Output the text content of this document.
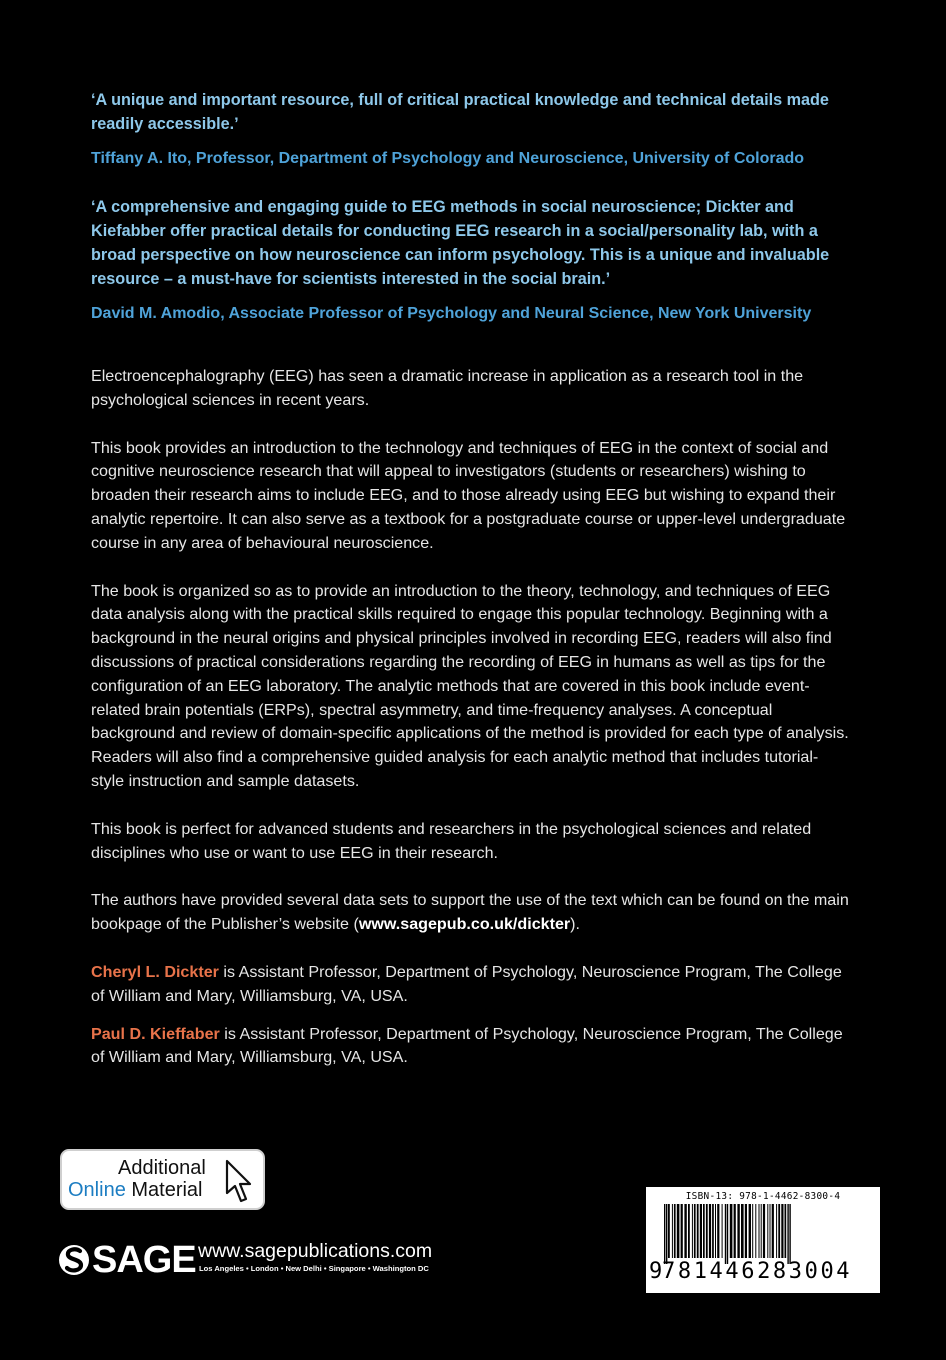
‘A unique and important resource, full of critical practical knowledge and technical details made readily accessible.’

Tiffany A. Ito, Professor, Department of Psychology and Neuroscience, University of Colorado

‘A comprehensive and engaging guide to EEG methods in social neuroscience; Dickter and Kiefabber offer practical details for conducting EEG research in a social/personality lab, with a broad perspective on how neuroscience can inform psychology. This is a unique and invaluable resource – a must-have for scientists interested in the social brain.’

David M. Amodio, Associate Professor of Psychology and Neural Science, New York University

Electroencephalography (EEG) has seen a dramatic increase in application as a research tool in the psychological sciences in recent years.

This book provides an introduction to the technology and techniques of EEG in the context of social and cognitive neuroscience research that will appeal to investigators (students or researchers) wishing to broaden their research aims to include EEG, and to those already using EEG but wishing to expand their analytic repertoire. It can also serve as a textbook for a postgraduate course or upper-level undergraduate course in any area of behavioural neuroscience.

The book is organized so as to provide an introduction to the theory, technology, and techniques of EEG data analysis along with the practical skills required to engage this popular technology. Beginning with a background in the neural origins and physical principles involved in recording EEG, readers will also find discussions of practical considerations regarding the recording of EEG in humans as well as tips for the configuration of an EEG laboratory. The analytic methods that are covered in this book include event-related brain potentials (ERPs), spectral asymmetry, and time-frequency analyses. A conceptual background and review of domain-specific applications of the method is provided for each type of analysis. Readers will also find a comprehensive guided analysis for each analytic method that includes tutorial-style instruction and sample datasets.

This book is perfect for advanced students and researchers in the psychological sciences and related disciplines who use or want to use EEG in their research.

The authors have provided several data sets to support the use of the text which can be found on the main bookpage of the Publisher’s website (www.sagepub.co.uk/dickter).

Cheryl L. Dickter is Assistant Professor, Department of Psychology, Neuroscience Program, The College of William and Mary, Williamsburg, VA, USA.

Paul D. Kieffaber is Assistant Professor, Department of Psychology, Neuroscience Program, The College of William and Mary, Williamsburg, VA, USA.

Additional
Online Material
SAGE www.sagepublications.com
Los Angeles • London • New Delhi • Singapore • Washington DC
ISBN-13: 978-1-4462-8300-4
9 781446283004
